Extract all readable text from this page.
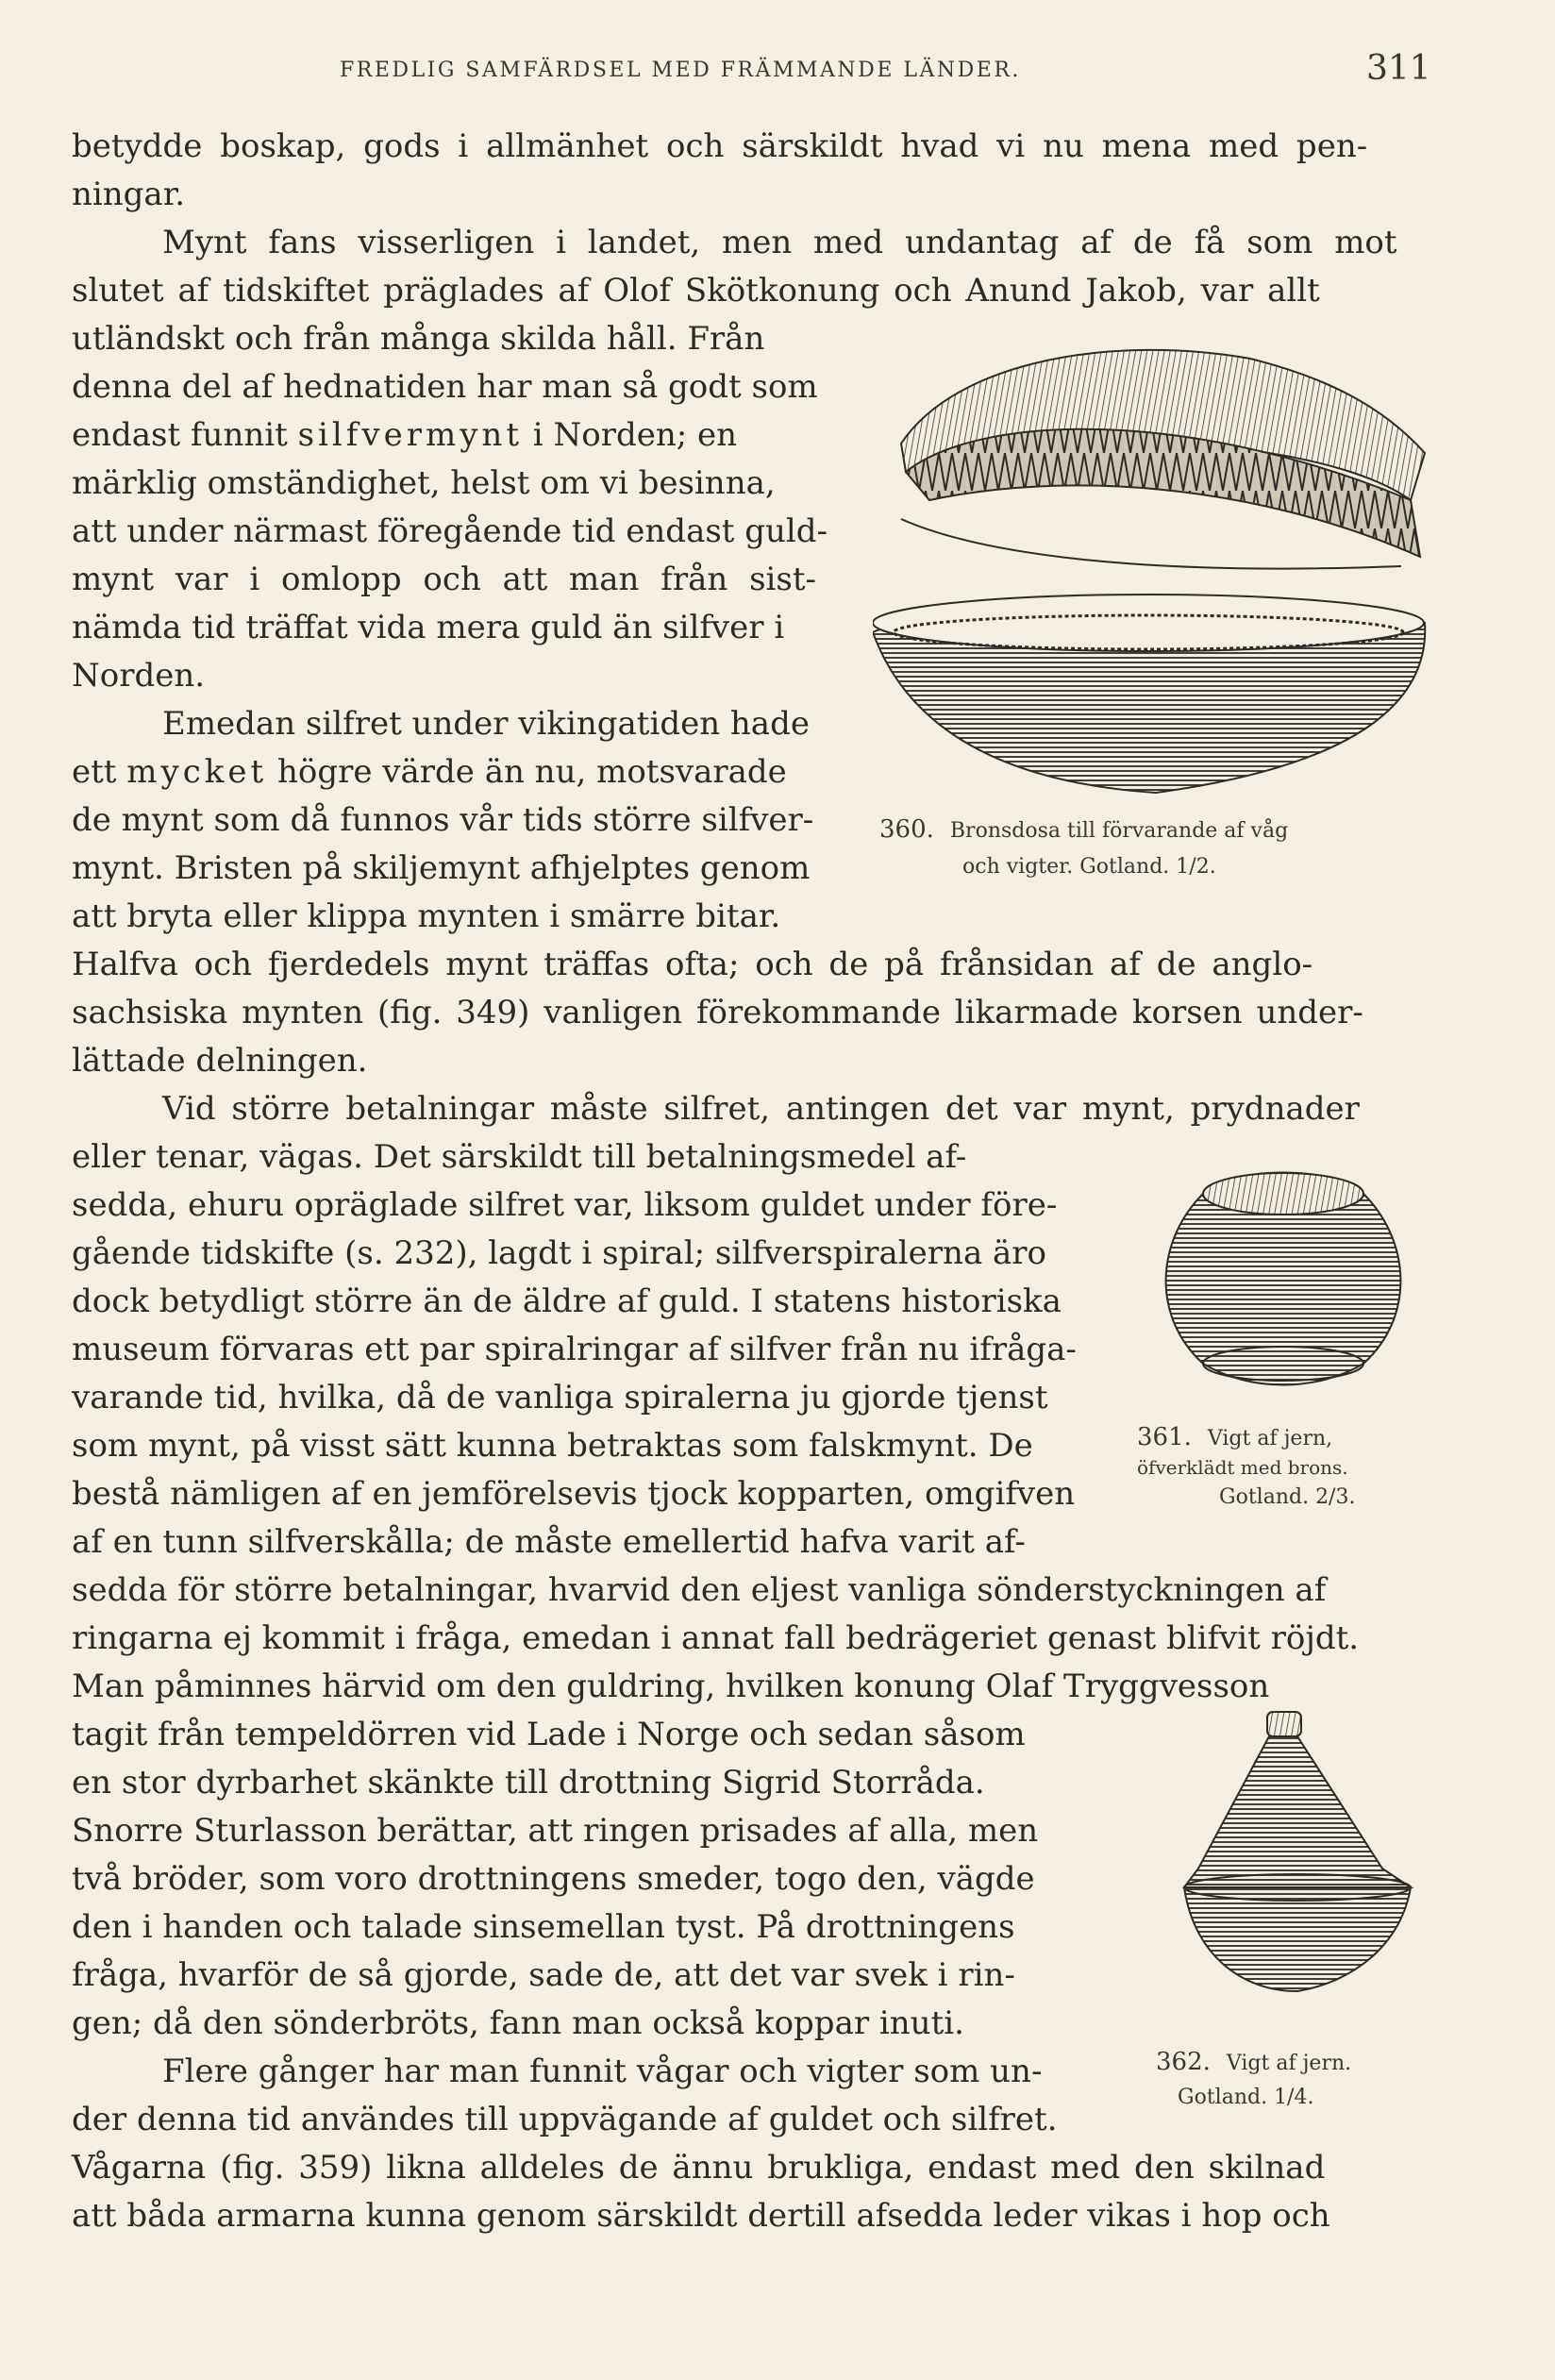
FREDLIG SAMFÄRDSEL MED FRÄMMANDE LÄNDER.	311
betydde boskap, gods i allmänhet och särskildt hvad vi nu mena med pen-
ningar.
Mynt fans visserligen i landet, men med undantag af de få som mot
slutet af tidskiftet präglades af Olof Skötkonung och Anund Jakob, var allt
utländskt och från många skilda håll. Från
denna del af hednatiden har man så godt som
endast funnit silfvermynt i Norden; en
märklig omständighet, helst om vi besinna,
att under närmast föregående tid endast guld-
mynt var i omlopp och att man från sist-
nämda tid träffat vida mera guld än silfver i
Norden.
Emedan silfret under vikingatiden hade
ett mycket högre värde än nu, motsvarade
de mynt som då funnos vår tids större silfver-
mynt. Bristen på skiljemynt afhjelptes genom
att bryta eller klippa mynten i smärre bitar.
Halfva och fjerdedels mynt träffas ofta; och de på frånsidan af de anglo-
sachsiska mynten (fig. 349) vanligen förekommande likarmade korsen under-
lättade delningen.
Vid större betalningar måste silfret, antingen det var mynt, prydnader
eller tenar, vägas. Det särskildt till betalningsmedel af-
sedda, ehuru opräglade silfret var, liksom guldet under före-
gående tidskifte (s. 232), lagdt i spiral; silfverspiralerna äro
dock betydligt större än de äldre af guld. I statens historiska
museum förvaras ett par spiralringar af silfver från nu ifråga-
varande tid, hvilka, då de vanliga spiralerna ju gjorde tjenst
som mynt, på visst sätt kunna betraktas som falskmynt. De
bestå nämligen af en jemförelsevis tjock kopparten, omgifven
af en tunn silfverskålla; de måste emellertid hafva varit af-
sedda för större betalningar, hvarvid den eljest vanliga sönderstyckningen af
ringarna ej kommit i fråga, emedan i annat fall bedrägeriet genast blifvit röjdt.
Man påminnes härvid om den guldring, hvilken konung Olaf Tryggvesson
tagit från tempeldörren vid Lade i Norge och sedan såsom
en stor dyrbarhet skänkte till drottning Sigrid Storråda.
Snorre Sturlasson berättar, att ringen prisades af alla, men
två bröder, som voro drottningens smeder, togo den, vägde
den i handen och talade sinsemellan tyst. På drottningens
fråga, hvarför de så gjorde, sade de, att det var svek i rin-
gen; då den sönderbröts, fann man också koppar inuti.
Flere gånger har man funnit vågar och vigter som un-
der denna tid användes till uppvägande af guldet och silfret.
Vågarna (fig. 359) likna alldeles de ännu brukliga, endast med den skilnad
att båda armarna kunna genom särskildt dertill afsedda leder vikas i hop och
360. Bronsdosa till förvarande af våg
och vigter. Gotland. 1/2.
361. Vigt af jern,
öfverklädt med brons.
Gotland. 2/3.
362. Vigt af jern.
Gotland. 1/4.
